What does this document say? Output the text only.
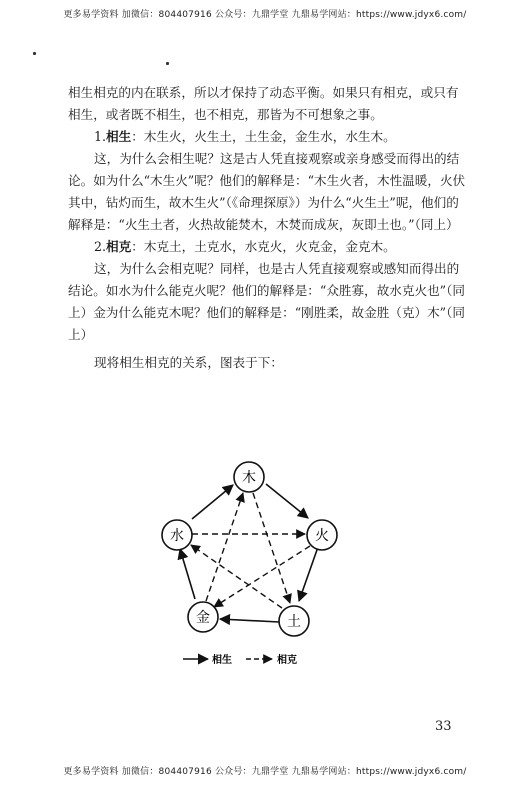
更多易学资料 加微信：804407916 公众号：九鼎学堂 九鼎易学网站：https://www.jdyx6.com/

相生相克的内在联系，所以才保持了动态平衡。如果只有相克，或只有相生，或者既不相生，也不相克，那皆为不可想象之事。

1.相生：木生火，火生土，土生金，金生水，水生木。

这，为什么会相生呢？这是古人凭直接观察或亲身感受而得出的结论。如为什么“木生火”呢？他们的解释是：“木生火者，木性温暖，火伏其中，钻灼而生，故木生火”（《命理探原》）为什么“火生土”呢，他们的解释是：“火生土者，火热故能焚木，木焚而成灰，灰即土也。”（同上）

2.相克：木克土，土克水，水克火，火克金，金克木。

这，为什么会相克呢？同样，也是古人凭直接观察或感知而得出的结论。如水为什么能克火呢？他们的解释是：“众胜寡，故水克火也”（同上）金为什么能克木呢？他们的解释是：“刚胜柔，故金胜（克）木”（同上）

现将相生相克的关系，图表于下：

木
火
土
金
水
相生	相克
33
更多易学资料 加微信：804407916 公众号：九鼎学堂 九鼎易学网站：https://www.jdyx6.com/
